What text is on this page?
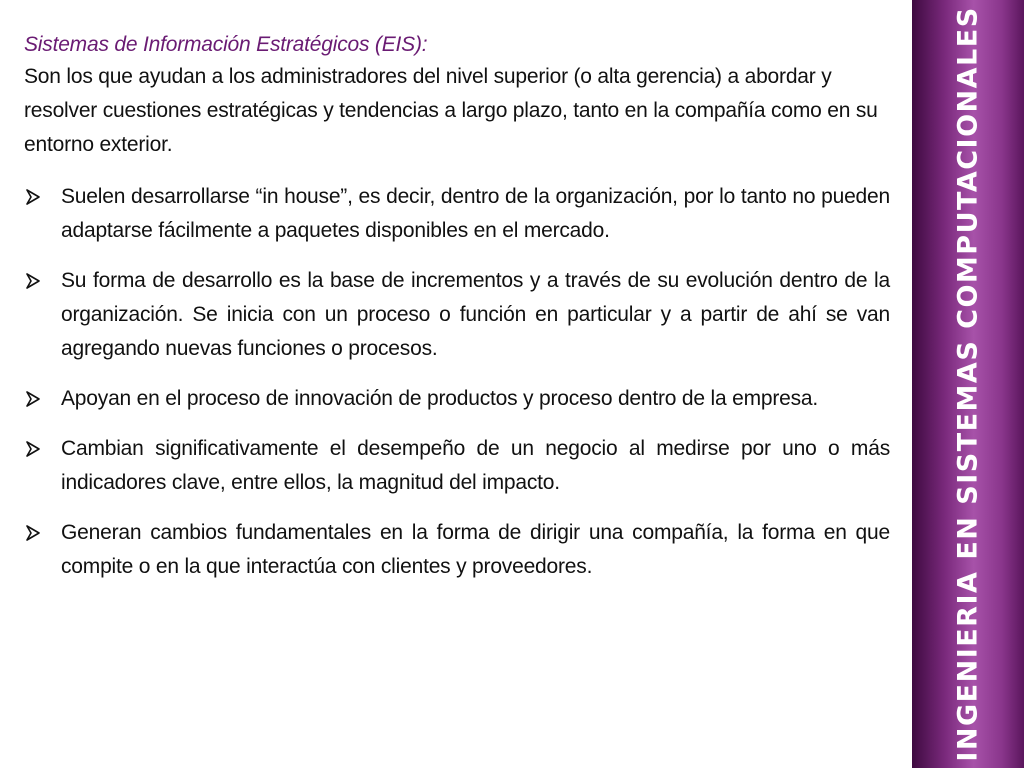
Sistemas de Información Estratégicos (EIS):

Son los que ayudan a los administradores del nivel superior (o alta gerencia) a abordar y resolver cuestiones estratégicas y tendencias a largo plazo, tanto en la compañía como en su entorno exterior.

Suelen desarrollarse “in house”, es decir, dentro de la organización, por lo tanto no pueden adaptarse fácilmente a paquetes disponibles en el mercado.
Su forma de desarrollo es la base de incrementos y a través de su evolución dentro de la organización. Se inicia con un proceso o función en particular y a partir de ahí se van agregando nuevas funciones o procesos.
Apoyan en el proceso de innovación de productos y proceso dentro de la empresa.
Cambian significativamente el desempeño de un negocio al medirse por uno o más indicadores clave, entre ellos, la magnitud del impacto.
Generan cambios fundamentales en la forma de dirigir una compañía, la forma en que compite o en la que interactúa con clientes y proveedores.	INGENIERIA EN SISTEMAS COMPUTACIONALES
